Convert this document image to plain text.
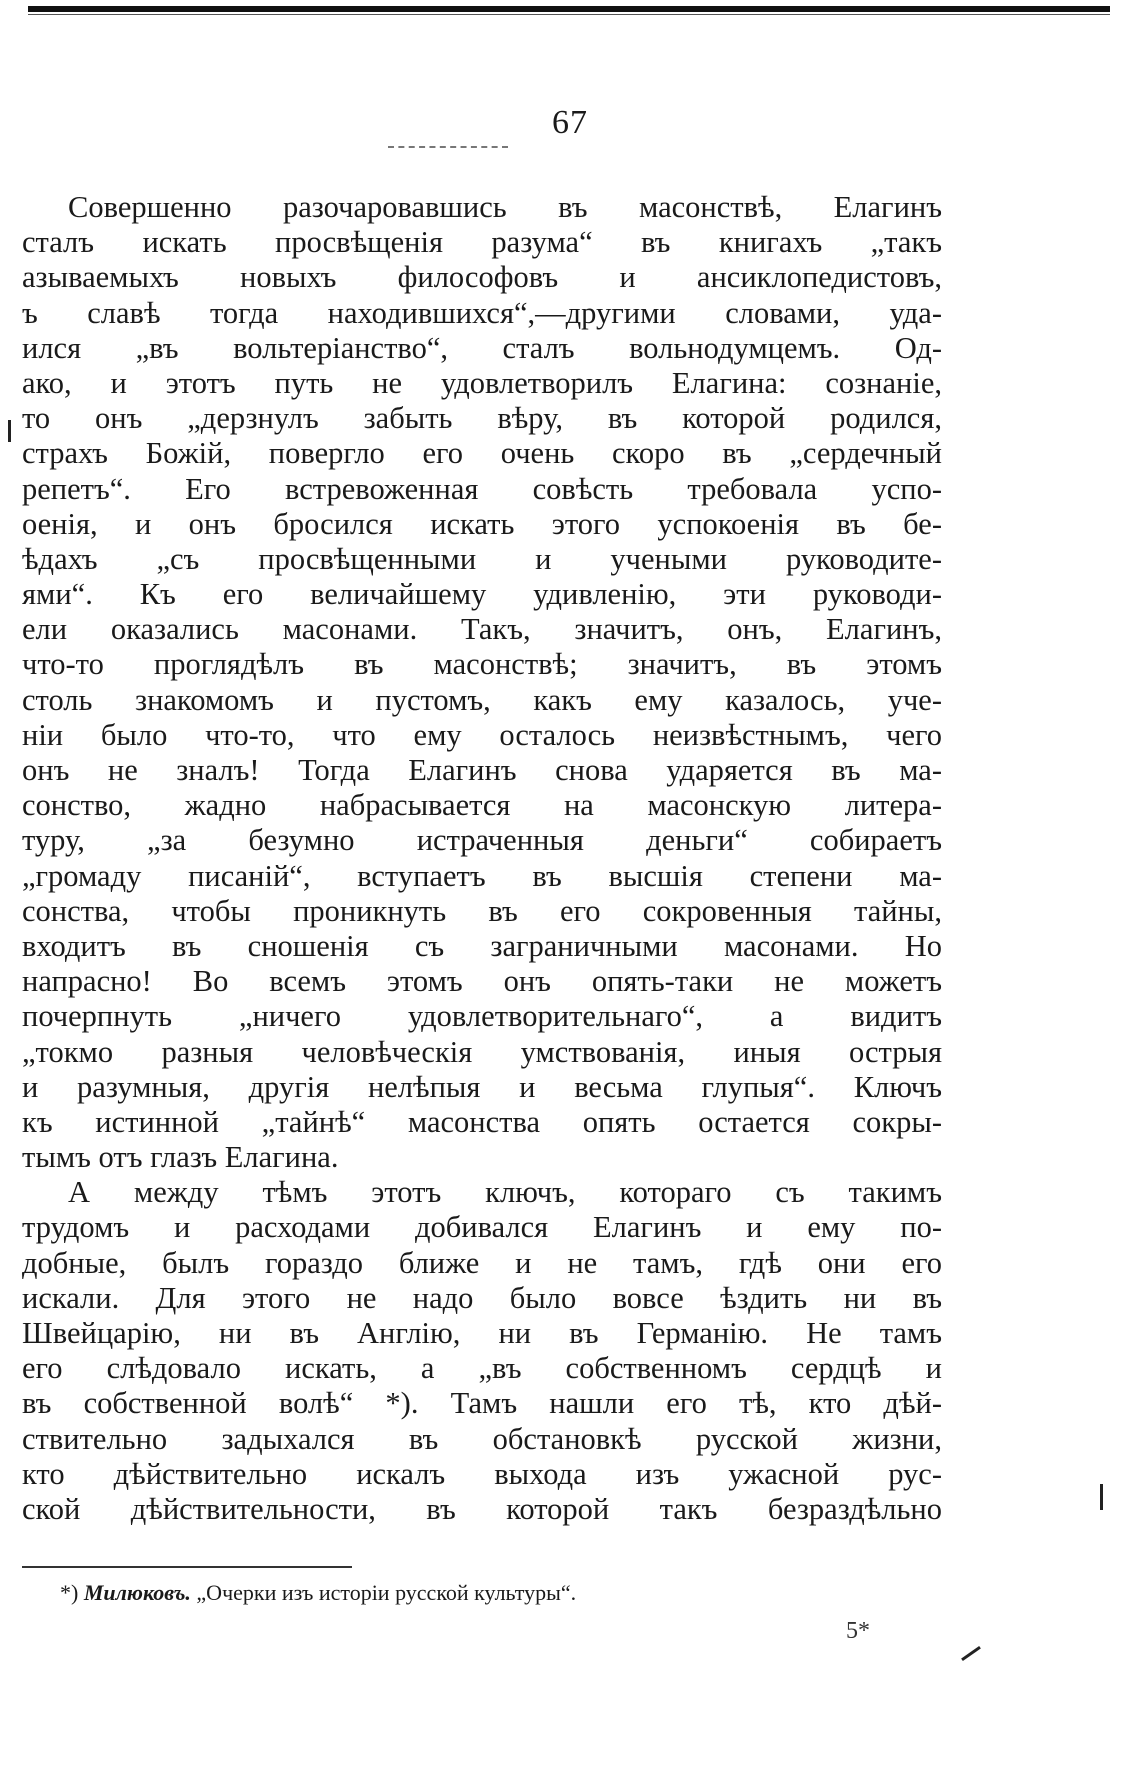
67
Совершенно разочаровавшись въ масонствѣ, Елагинъ
сталъ искать просвѣщенія разума“ въ книгахъ „такъ
азываемыхъ новыхъ философовъ и ансиклопедистовъ,
ъ славѣ тогда находившихся“,—другими словами, уда-
ился „въ вольтеріанство“, сталъ вольнодумцемъ. Од-
ако, и этотъ путь не удовлетворилъ Елагина: сознаніе,
то онъ „дерзнулъ забыть вѣру, въ которой родился,
страхъ Божій, повергло его очень скоро въ „сердечный
репетъ“. Его встревоженная совѣсть требовала успо-
оенія, и онъ бросился искать этого успокоенія въ бе-
ѣдахъ „съ просвѣщенными и учеными руководите-
ями“. Къ его величайшему удивленію, эти руководи-
ели оказались масонами. Такъ, значитъ, онъ, Елагинъ,
что-то проглядѣлъ въ масонствѣ; значитъ, въ этомъ
столь знакомомъ и пустомъ, какъ ему казалось, уче-
ніи было что-то, что ему осталось неизвѣстнымъ, чего
онъ не зналъ! Тогда Елагинъ снова ударяется въ ма-
сонство, жадно набрасывается на масонскую литера-
туру, „за безумно истраченныя деньги“ собираетъ
„громаду писаній“, вступаетъ въ высшія степени ма-
сонства, чтобы проникнуть въ его сокровенныя тайны,
входитъ въ сношенія съ заграничными масонами. Но
напрасно! Во всемъ этомъ онъ опять-таки не можетъ
почерпнуть „ничего удовлетворительнаго“, а видитъ
„токмо разныя человѣческія умствованія, иныя острыя
и разумныя, другія нелѣпыя и весьма глупыя“. Ключъ
къ истинной „тайнѣ“ масонства опять остается сокры-
тымъ отъ глазъ Елагина.
А между тѣмъ этотъ ключъ, котораго съ такимъ
трудомъ и расходами добивался Елагинъ и ему по-
добные, былъ гораздо ближе и не тамъ, гдѣ они его
искали. Для этого не надо было вовсе ѣздить ни въ
Швейцарію, ни въ Англію, ни въ Германію. Не тамъ
его слѣдовало искать, а „въ собственномъ сердцѣ и
въ собственной волѣ“ *). Тамъ нашли его тѣ, кто дѣй-
ствительно задыхался въ обстановкѣ русской жизни,
кто дѣйствительно искалъ выхода изъ ужасной рус-
ской дѣйствительности, въ которой такъ безраздѣльно
*) Милюковъ. „Очерки изъ исторіи русской культуры“.
5*
